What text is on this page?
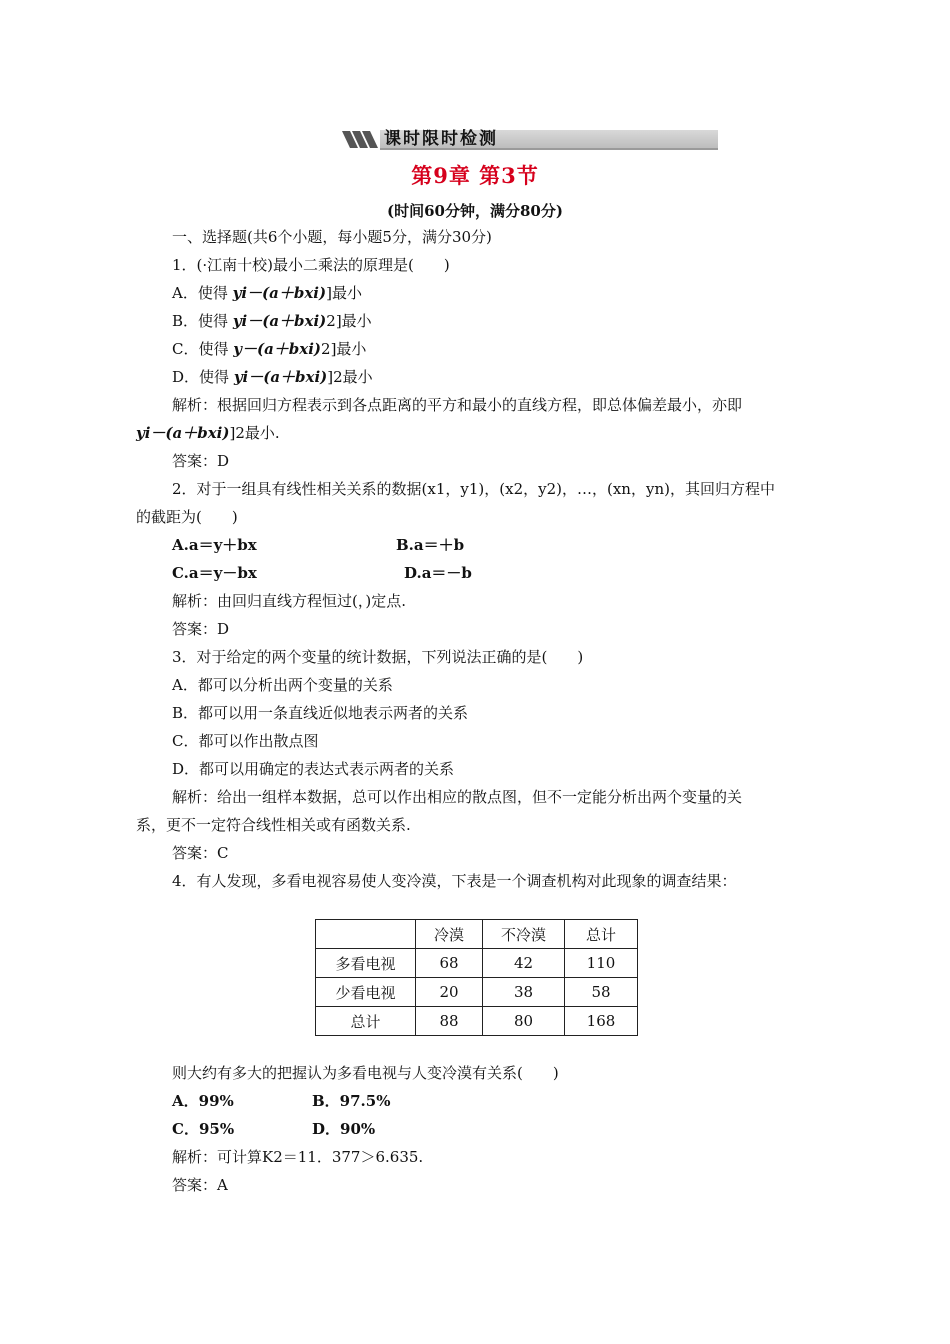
课时限时检测
第9章 第3节
(时间60分钟，满分80分)
一、选择题(共6个小题，每小题5分，满分30分)
1．(·江南十校)最小二乘法的原理是(　　)
A．使得 yi－(a＋bxi)]最小
B．使得 yi－(a＋bxi)2]最小
C．使得 y－(a＋bxi)2]最小
D．使得 yi－(a＋bxi)]2最小
解析：根据回归方程表示到各点距离的平方和最小的直线方程，即总体偏差最小，亦即
yi－(a＋bxi)]2最小.
答案：D
2．对于一组具有线性相关关系的数据(x1，y1)，(x2，y2)，…，(xn，yn)，其回归方程中
的截距为(　　)
A.a＝y＋bx	B.a＝＋b
C.a＝y－bx	D.a＝－b
解析：由回归直线方程恒过(，)定点.
答案：D
3．对于给定的两个变量的统计数据，下列说法正确的是(　　)
A．都可以分析出两个变量的关系
B．都可以用一条直线近似地表示两者的关系
C．都可以作出散点图
D．都可以用确定的表达式表示两者的关系
解析：给出一组样本数据，总可以作出相应的散点图，但不一定能分析出两个变量的关
系，更不一定符合线性相关或有函数关系.
答案：C
4．有人发现，多看电视容易使人变冷漠，下表是一个调查机构对此现象的调查结果：
	冷漠	不冷漠	总计
多看电视	68	42	110
少看电视	20	38	58
总计	88	80	168
则大约有多大的把握认为多看电视与人变冷漠有关系(　　)
A．99%	B．97.5%
C．95%	D．90%
解析：可计算K2＝11．377＞6.635.
答案：A
